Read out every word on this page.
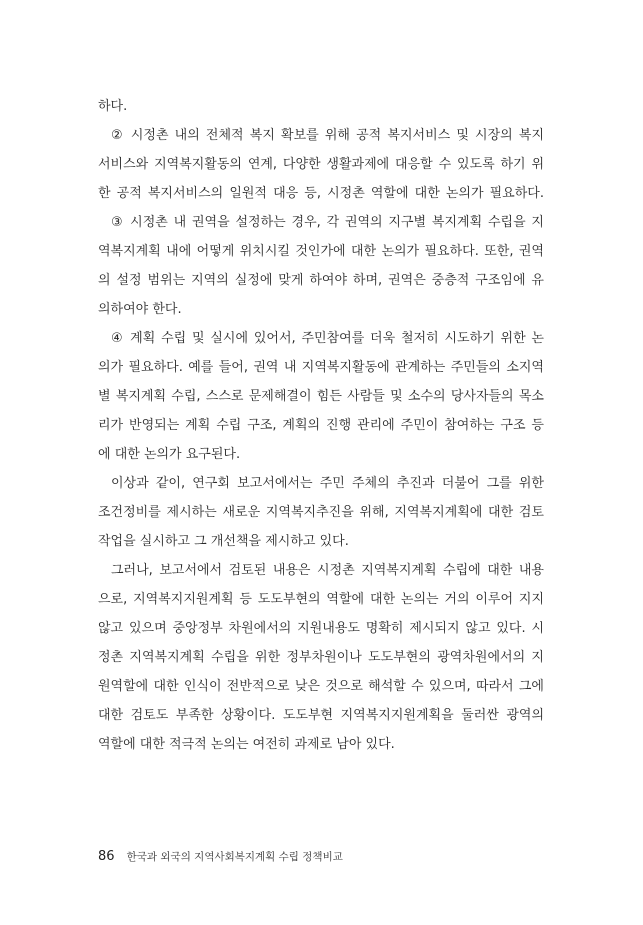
하다.
② 시정촌 내의 전체적 복지 확보를 위해 공적 복지서비스 및 시장의 복지
서비스와 지역복지활동의 연계, 다양한 생활과제에 대응할 수 있도록 하기 위
한 공적 복지서비스의 일원적 대응 등, 시정촌 역할에 대한 논의가 필요하다.
③ 시정촌 내 권역을 설정하는 경우, 각 권역의 지구별 복지계획 수립을 지
역복지계획 내에 어떻게 위치시킬 것인가에 대한 논의가 필요하다. 또한, 권역
의 설정 범위는 지역의 실정에 맞게 하여야 하며, 권역은 중층적 구조임에 유
의하여야 한다.
④ 계획 수립 및 실시에 있어서, 주민참여를 더욱 철저히 시도하기 위한 논
의가 필요하다. 예를 들어, 권역 내 지역복지활동에 관계하는 주민들의 소지역
별 복지계획 수립, 스스로 문제해결이 힘든 사람들 및 소수의 당사자들의 목소
리가 반영되는 계획 수립 구조, 계획의 진행 관리에 주민이 참여하는 구조 등
에 대한 논의가 요구된다.
이상과 같이, 연구회 보고서에서는 주민 주체의 추진과 더불어 그를 위한
조건정비를 제시하는 새로운 지역복지추진을 위해, 지역복지계획에 대한 검토
작업을 실시하고 그 개선책을 제시하고 있다.
그러나, 보고서에서 검토된 내용은 시정촌 지역복지계획 수립에 대한 내용
으로, 지역복지지원계획 등 도도부현의 역할에 대한 논의는 거의 이루어 지지
않고 있으며 중앙정부 차원에서의 지원내용도 명확히 제시되지 않고 있다. 시
정촌 지역복지계획 수립을 위한 정부차원이나 도도부현의 광역차원에서의 지
원역할에 대한 인식이 전반적으로 낮은 것으로 해석할 수 있으며, 따라서 그에
대한 검토도 부족한 상황이다. 도도부현 지역복지지원계획을 둘러싼 광역의
역할에 대한 적극적 논의는 여전히 과제로 남아 있다.
86 한국과 외국의 지역사회복지계획 수립 정책비교
